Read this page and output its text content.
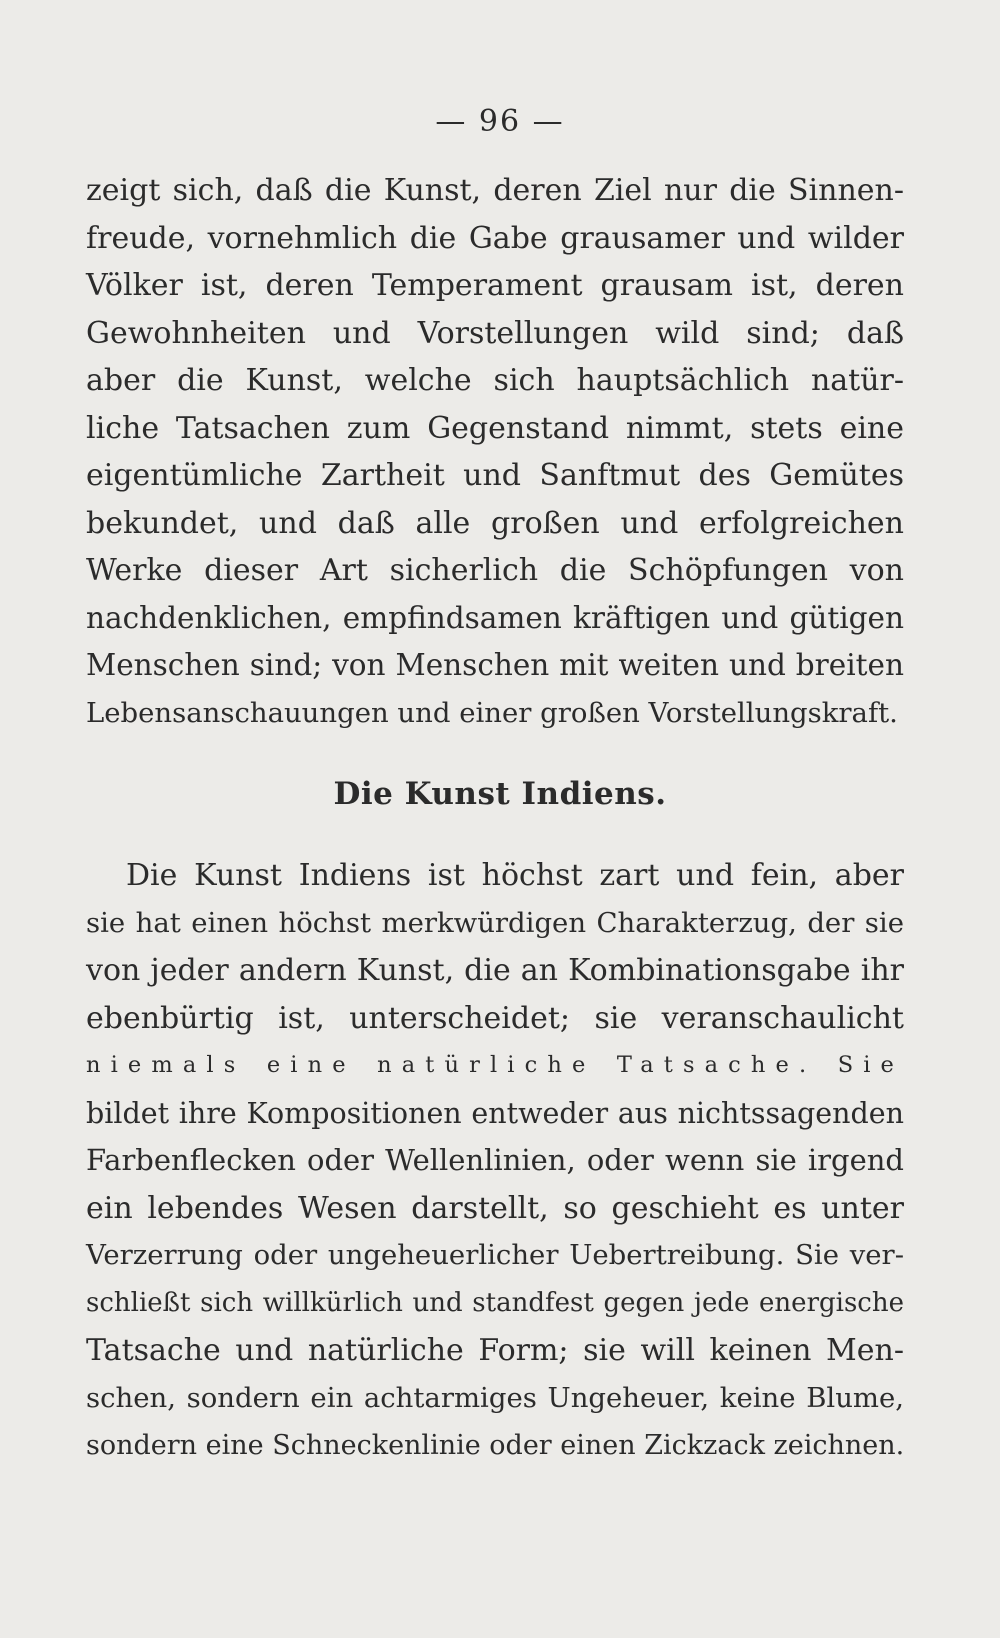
— 96 —
zeigt sich, daß die Kunst, deren Ziel nur die Sinnen-
freude, vornehmlich die Gabe grausamer und wilder
Völker ist, deren Temperament grausam ist, deren
Gewohnheiten und Vorstellungen wild sind; daß
aber die Kunst, welche sich hauptsächlich natür-
liche Tatsachen zum Gegenstand nimmt, stets eine
eigentümliche Zartheit und Sanftmut des Gemütes
bekundet, und daß alle großen und erfolgreichen
Werke dieser Art sicherlich die Schöpfungen von
nachdenklichen, empfindsamen kräftigen und gütigen
Menschen sind; von Menschen mit weiten und breiten
Lebensanschauungen und einer großen Vorstellungskraft.
Die Kunst Indiens.
Die Kunst Indiens ist höchst zart und fein, aber
sie hat einen höchst merkwürdigen Charakterzug, der sie
von jeder andern Kunst, die an Kombinationsgabe ihr
ebenbürtig ist, unterscheidet; sie veranschaulicht
niemals eine natürliche Tatsache. Sie
bildet ihre Kompositionen entweder aus nichtssagenden
Farbenflecken oder Wellenlinien, oder wenn sie irgend
ein lebendes Wesen darstellt, so geschieht es unter
Verzerrung oder ungeheuerlicher Uebertreibung. Sie ver-
schließt sich willkürlich und standfest gegen jede energische
Tatsache und natürliche Form; sie will keinen Men-
schen, sondern ein achtarmiges Ungeheuer, keine Blume,
sondern eine Schneckenlinie oder einen Zickzack zeichnen.
